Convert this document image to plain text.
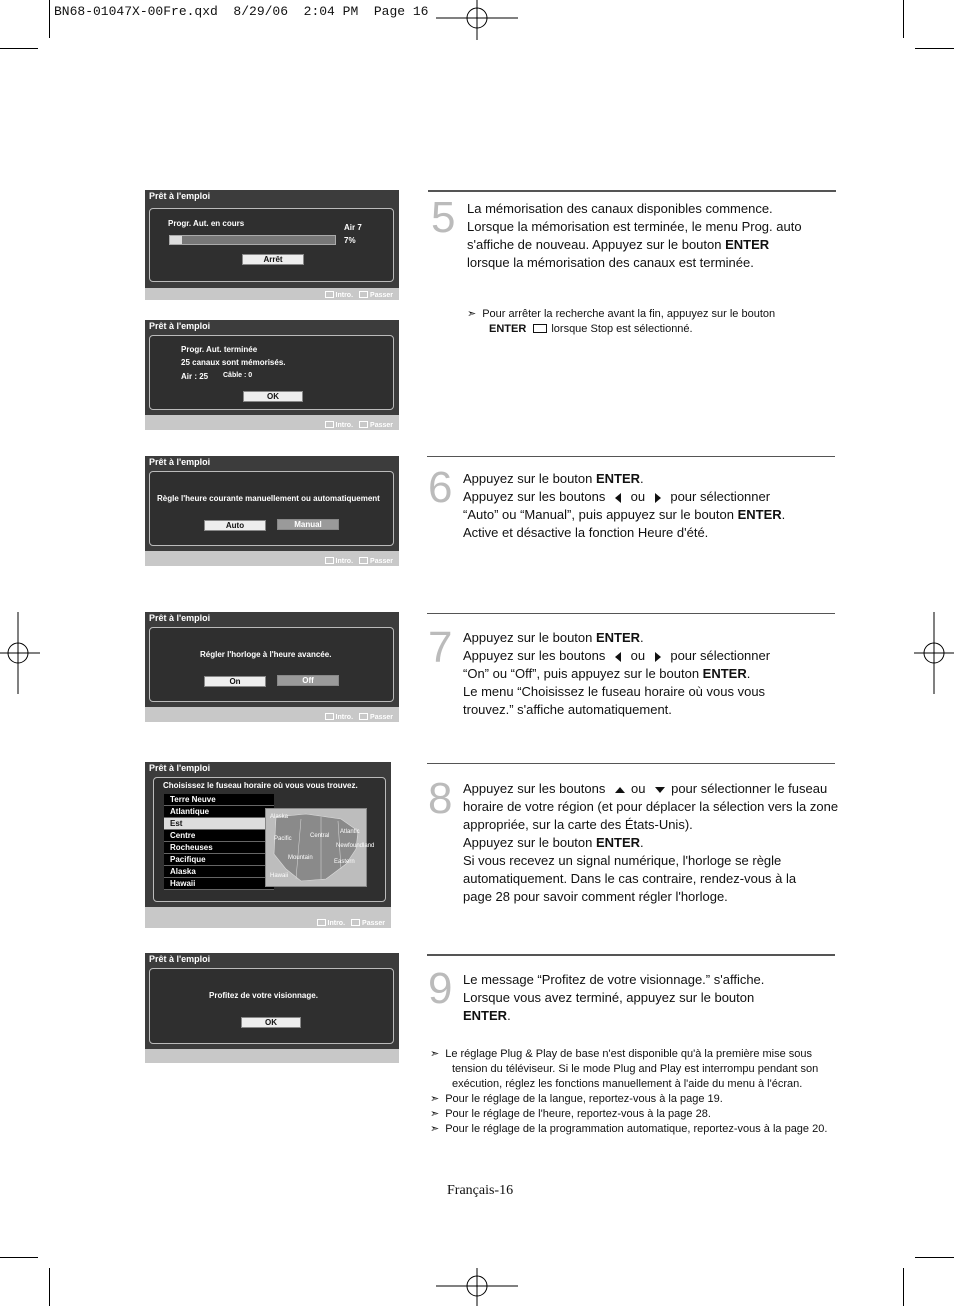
BN68-01047X-00Fre.qxd  8/29/06  2:04 PM  Page 16
Prêt à l'emploi
Progr. Aut. en cours	Air 7
7%
Arrêt
Intro. Passer
Prêt à l'emploi
Progr. Aut. terminée
25 canaux sont mémorisés.
Air : 25 Câble : 0
OK
Intro. Passer
Prêt à l'emploi
Règle l'heure courante manuellement ou automatiquement
Auto	Manual
Intro. Passer
Prêt à l'emploi
Régler l'horloge à l'heure avancée.
On	Off
Intro. Passer
Prêt à l'emploi
Choisissez le fuseau horaire où vous vous trouvez.
Intro. Passer
Terre Neuve
Atlantique
Est
Centre
Rocheuses
Pacifique
Alaska
Hawaii
Alaska
Pacific	Central
Atlantic
Newfoundland
Mountain
Eastern
Hawaii
Prêt à l'emploi
Profitez de votre visionnage.
OK
5 La mémorisation des canaux disponibles commence.
Lorsque la mémorisation est terminée, le menu Prog. auto
s'affiche de nouveau. Appuyez sur le bouton ENTER
lorsque la mémorisation des canaux est terminée.
➣ Pour arrêter la recherche avant la fin, appuyez sur le bouton
ENTER lorsque Stop est sélectionné.
6 Appuyez sur le bouton ENTER.
Appuyez sur les boutons ou pour sélectionner
“Auto” ou “Manual”, puis appuyez sur le bouton ENTER.
Active et désactive la fonction Heure d'été.
7 Appuyez sur le bouton ENTER.
Appuyez sur les boutons ou pour sélectionner
“On” ou “Off”, puis appuyez sur le bouton ENTER.
Le menu “Choisissez le fuseau horaire où vous vous
trouvez.” s'affiche automatiquement.
8 Appuyez sur les boutons ou pour sélectionner le fuseau
horaire de votre région (et pour déplacer la sélection vers la zone
appropriée, sur la carte des États-Unis).
Appuyez sur le bouton ENTER.
Si vous recevez un signal numérique, l'horloge se règle
automatiquement. Dans le cas contraire, rendez-vous à la
page 28 pour savoir comment régler l'horloge.
9 Le message “Profitez de votre visionnage.” s'affiche.
Lorsque vous avez terminé, appuyez sur le bouton
ENTER.
➣ Le réglage Plug & Play de base n'est disponible qu'à la première mise sous
tension du téléviseur. Si le mode Plug and Play est interrompu pendant son
exécution, réglez les fonctions manuellement à l'aide du menu à l'écran.
➣ Pour le réglage de la langue, reportez-vous à la page 19.
➣ Pour le réglage de l'heure, reportez-vous à la page 28.
➣ Pour le réglage de la programmation automatique, reportez-vous à la page 20.
Français-16
